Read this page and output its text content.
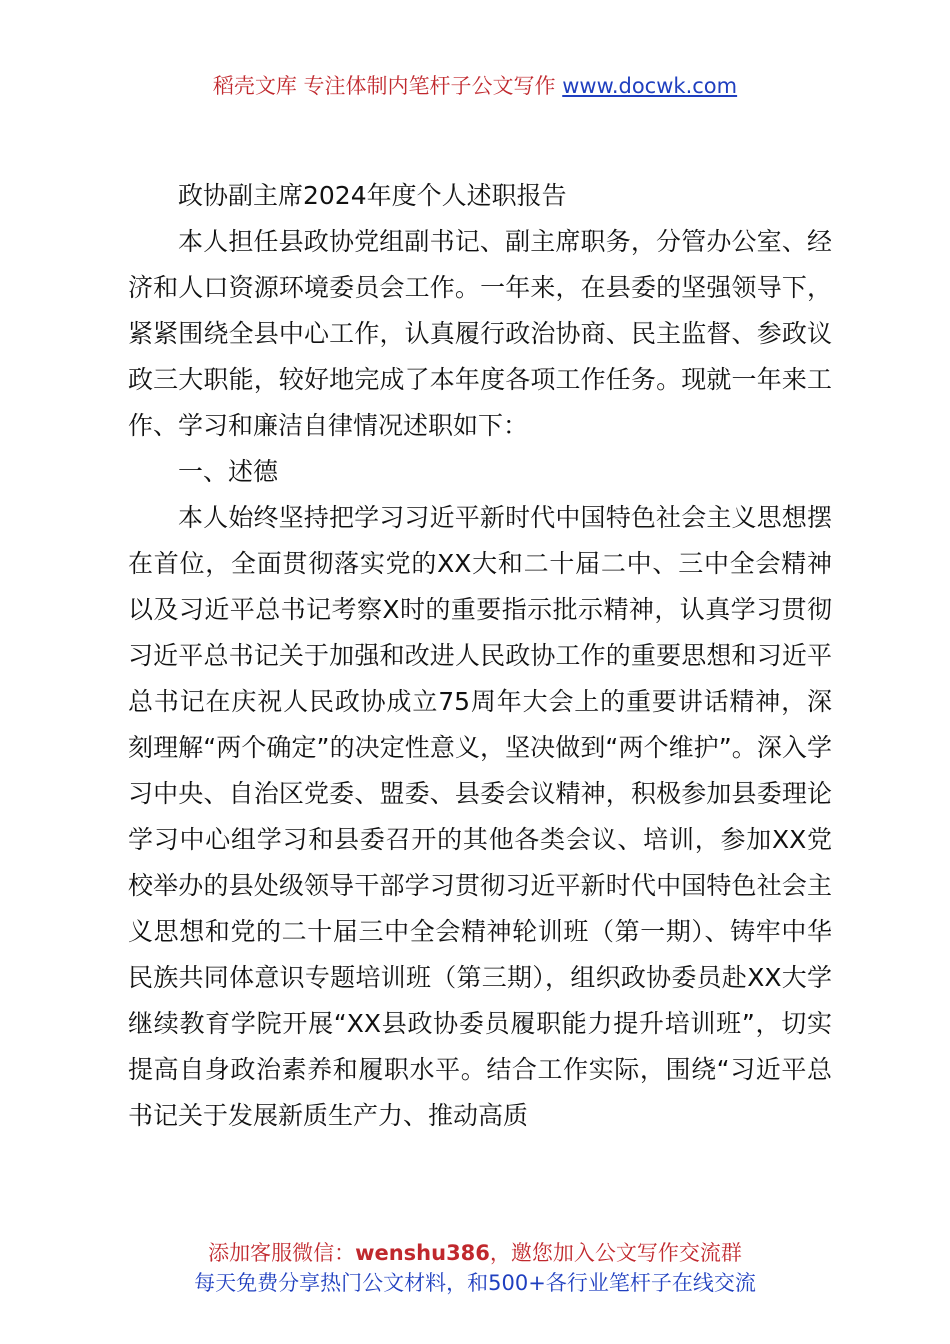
稻壳文库 专注体制内笔杆子公文写作 www.docwk.com

政协副主席2024年度个人述职报告

本人担任县政协党组副书记、副主席职务，分管办公室、经济和人口资源环境委员会工作。一年来，在县委的坚强领导下，紧紧围绕全县中心工作，认真履行政治协商、民主监督、参政议政三大职能，较好地完成了本年度各项工作任务。现就一年来工作、学习和廉洁自律情况述职如下：

一、述德

本人始终坚持把学习习近平新时代中国特色社会主义思想摆在首位，全面贯彻落实党的XX大和二十届二中、三中全会精神以及习近平总书记考察X时的重要指示批示精神，认真学习贯彻习近平总书记关于加强和改进人民政协工作的重要思想和习近平总书记在庆祝人民政协成立75周年大会上的重要讲话精神，深刻理解“两个确定”的决定性意义，坚决做到“两个维护”。深入学习中央、自治区党委、盟委、县委会议精神，积极参加县委理论学习中心组学习和县委召开的其他各类会议、培训，参加XX党校举办的县处级领导干部学习贯彻习近平新时代中国特色社会主义思想和党的二十届三中全会精神轮训班（第一期）、铸牢中华民族共同体意识专题培训班（第三期），组织政协委员赴XX大学继续教育学院开展“XX县政协委员履职能力提升培训班”，切实提高自身政治素养和履职水平。结合工作实际，围绕“习近平总书记关于发展新质生产力、推动高质

添加客服微信：wenshu386，邀您加入公文写作交流群
每天免费分享热门公文材料，和500+各行业笔杆子在线交流
